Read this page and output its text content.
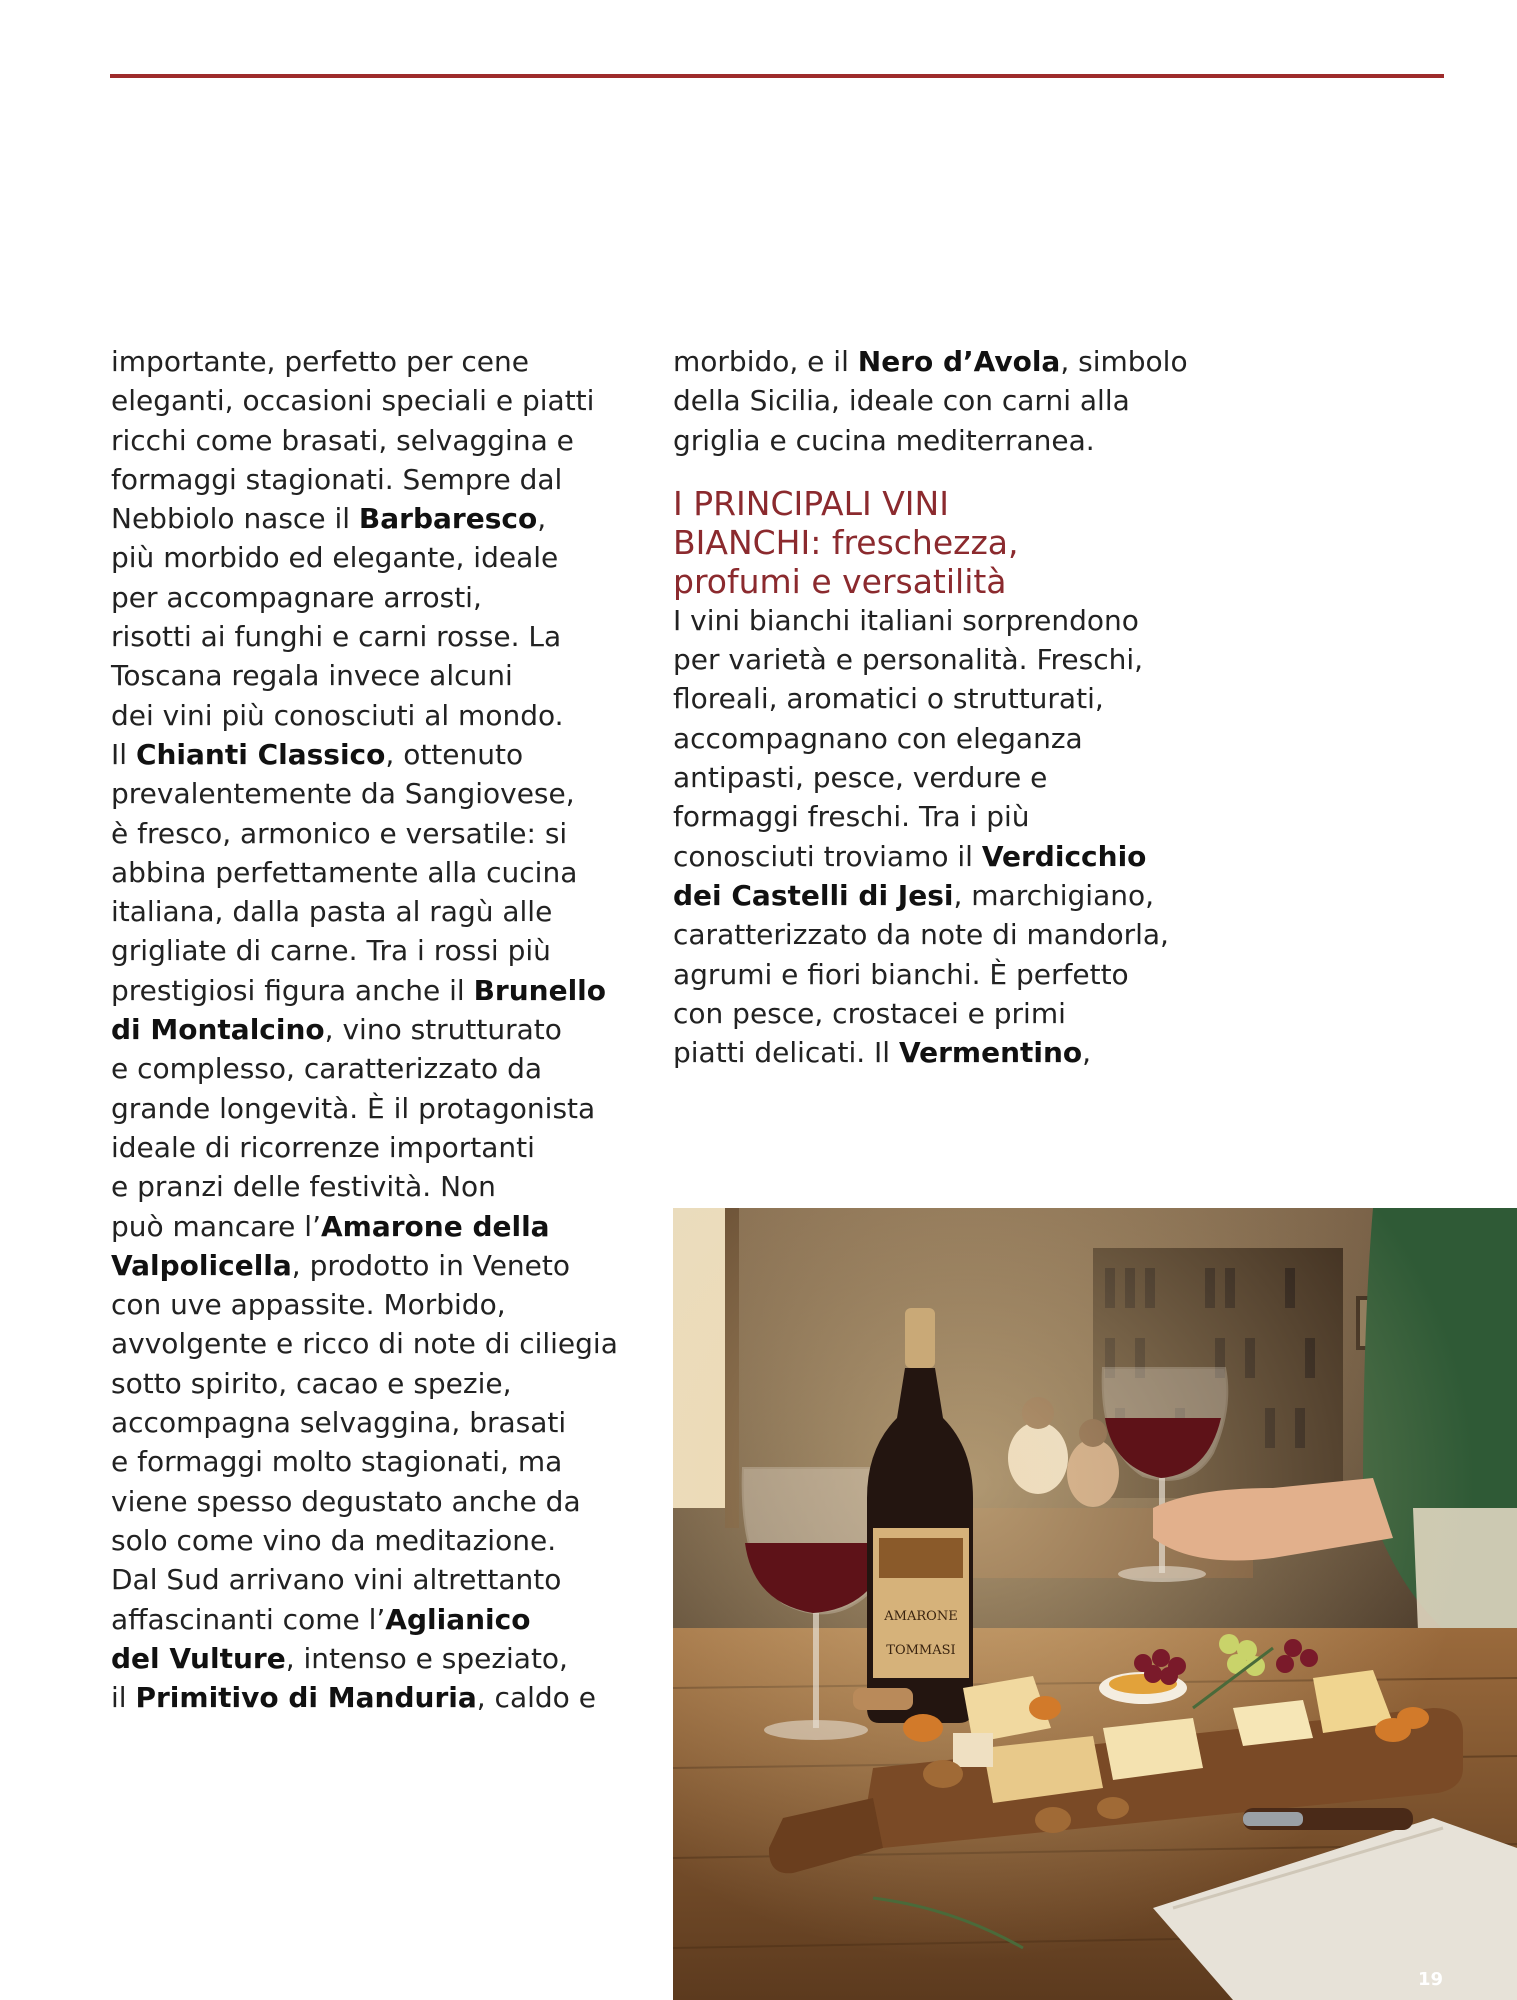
importante, perfetto per cene
eleganti, occasioni speciali e piatti
ricchi come brasati, selvaggina e
formaggi stagionati. Sempre dal
Nebbiolo nasce il Barbaresco,
più morbido ed elegante, ideale
per accompagnare arrosti,
risotti ai funghi e carni rosse. La
Toscana regala invece alcuni
dei vini più conosciuti al mondo.
Il Chianti Classico, ottenuto
prevalentemente da Sangiovese,
è fresco, armonico e versatile: si
abbina perfettamente alla cucina
italiana, dalla pasta al ragù alle
grigliate di carne. Tra i rossi più
prestigiosi figura anche il Brunello
di Montalcino, vino strutturato
e complesso, caratterizzato da
grande longevità. È il protagonista
ideale di ricorrenze importanti
e pranzi delle festività. Non
può mancare l’Amarone della
Valpolicella, prodotto in Veneto
con uve appassite. Morbido,
avvolgente e ricco di note di ciliegia
sotto spirito, cacao e spezie,
accompagna selvaggina, brasati
e formaggi molto stagionati, ma
viene spesso degustato anche da
solo come vino da meditazione.
Dal Sud arrivano vini altrettanto
affascinanti come l’Aglianico
del Vulture, intenso e speziato,
il Primitivo di Manduria, caldo e

morbido, e il Nero d’Avola, simbolo
della Sicilia, ideale con carni alla
griglia e cucina mediterranea.

I PRINCIPALI VINI
BIANCHI: freschezza,
profumi e versatilità

I vini bianchi italiani sorprendono
per varietà e personalità. Freschi,
floreali, aromatici o strutturati,
accompagnano con eleganza
antipasti, pesce, verdure e
formaggi freschi. Tra i più
conosciuti troviamo il Verdicchio
dei Castelli di Jesi, marchigiano,
caratterizzato da note di mandorla,
agrumi e fiori bianchi. È perfetto
con pesce, crostacei e primi
piatti delicati. Il Vermentino,

AMARONE
TOMMASI
19
